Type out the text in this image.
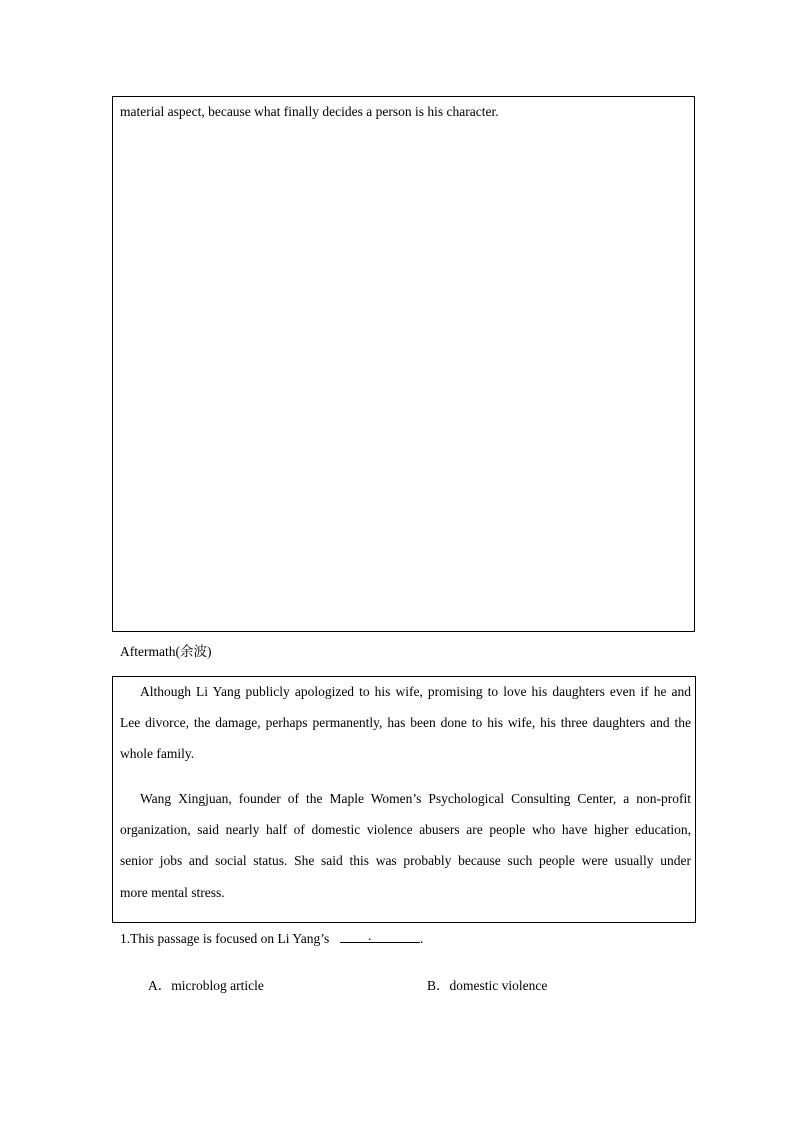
material aspect, because what finally decides a person is his character.
Aftermath(余波)
Although Li Yang publicly apologized to his wife, promising to love his daughters even if he and
Lee divorce, the damage, perhaps permanently, has been done to his wife, his three daughters and the
whole family.
Wang Xingjuan, founder of the Maple Women’s Psychological Consulting Center, a non-profit
organization, said nearly half of domestic violence abusers are people who have higher education,
senior jobs and social status. She said this was probably because such people were usually under
more mental stress.
1.This passage is focused on Li Yang’s	.	.
A．microblog article	B．domestic violence
